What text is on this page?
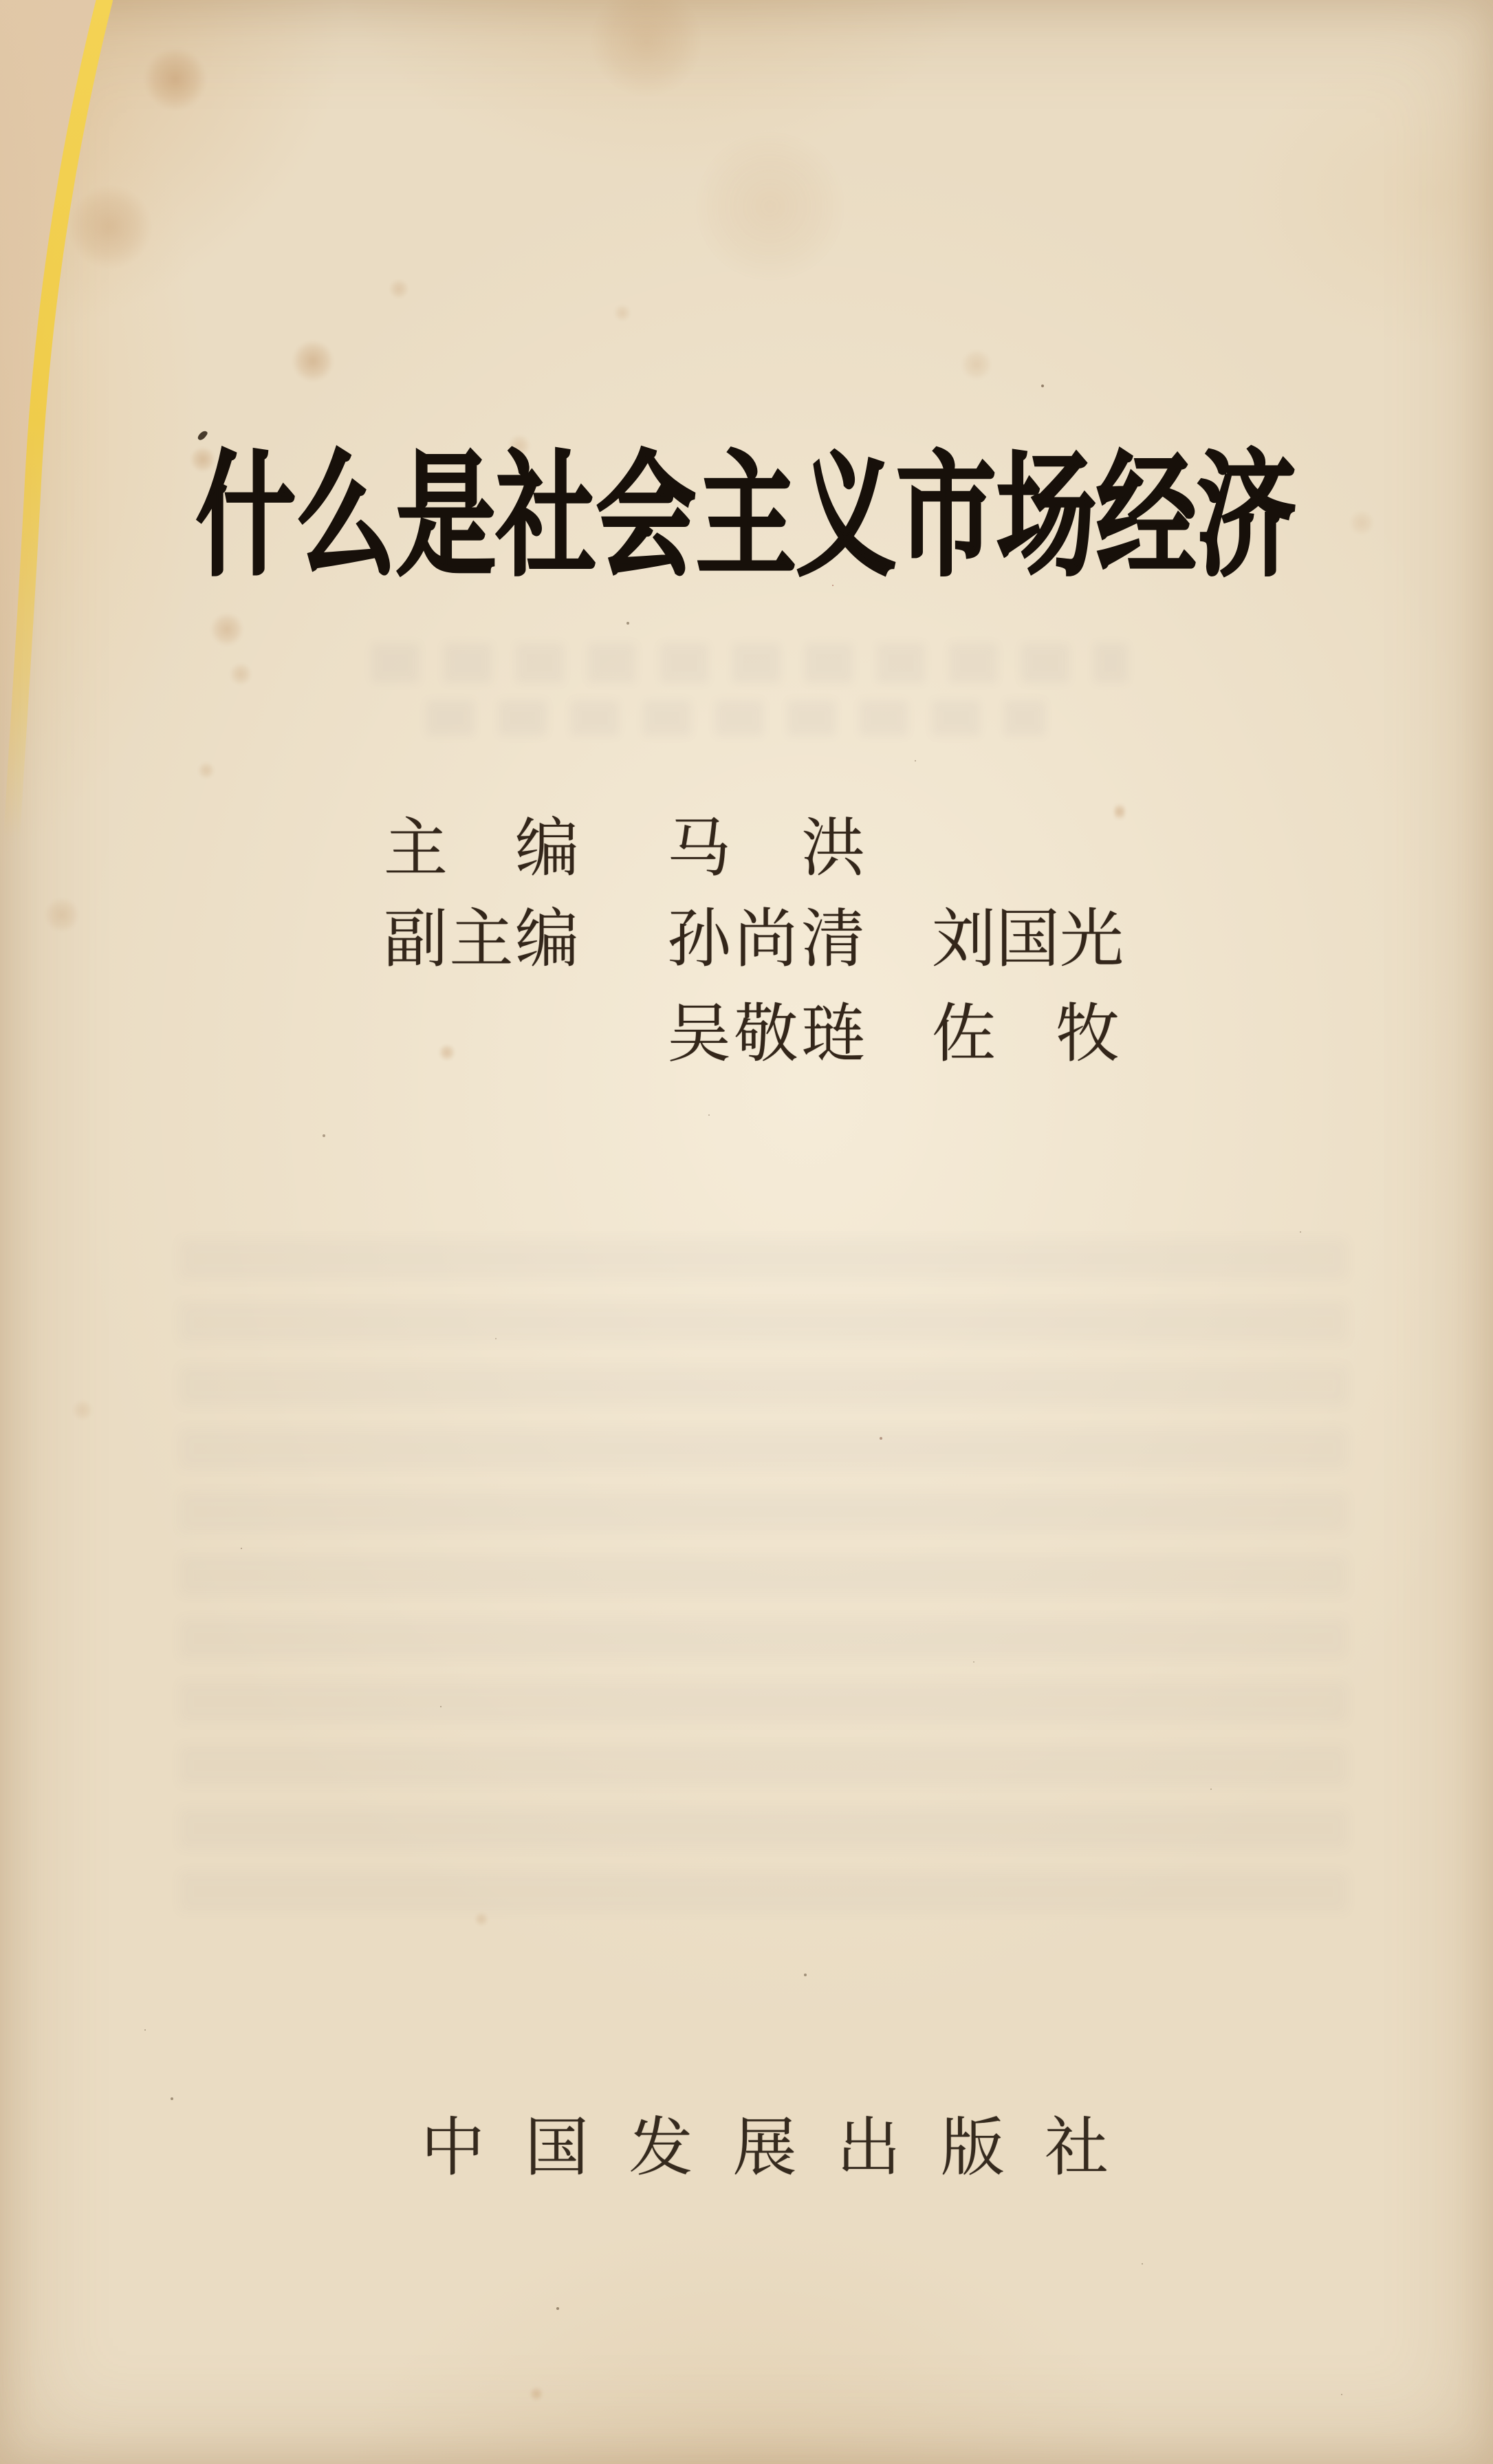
什 么 是 社 会 主 义 市 场 经 济
主 编 马 洪
副 主 编 孙 尚 清 刘 国 光
吴 敬 琏 佐 牧
中 国 发 展 出 版 社
